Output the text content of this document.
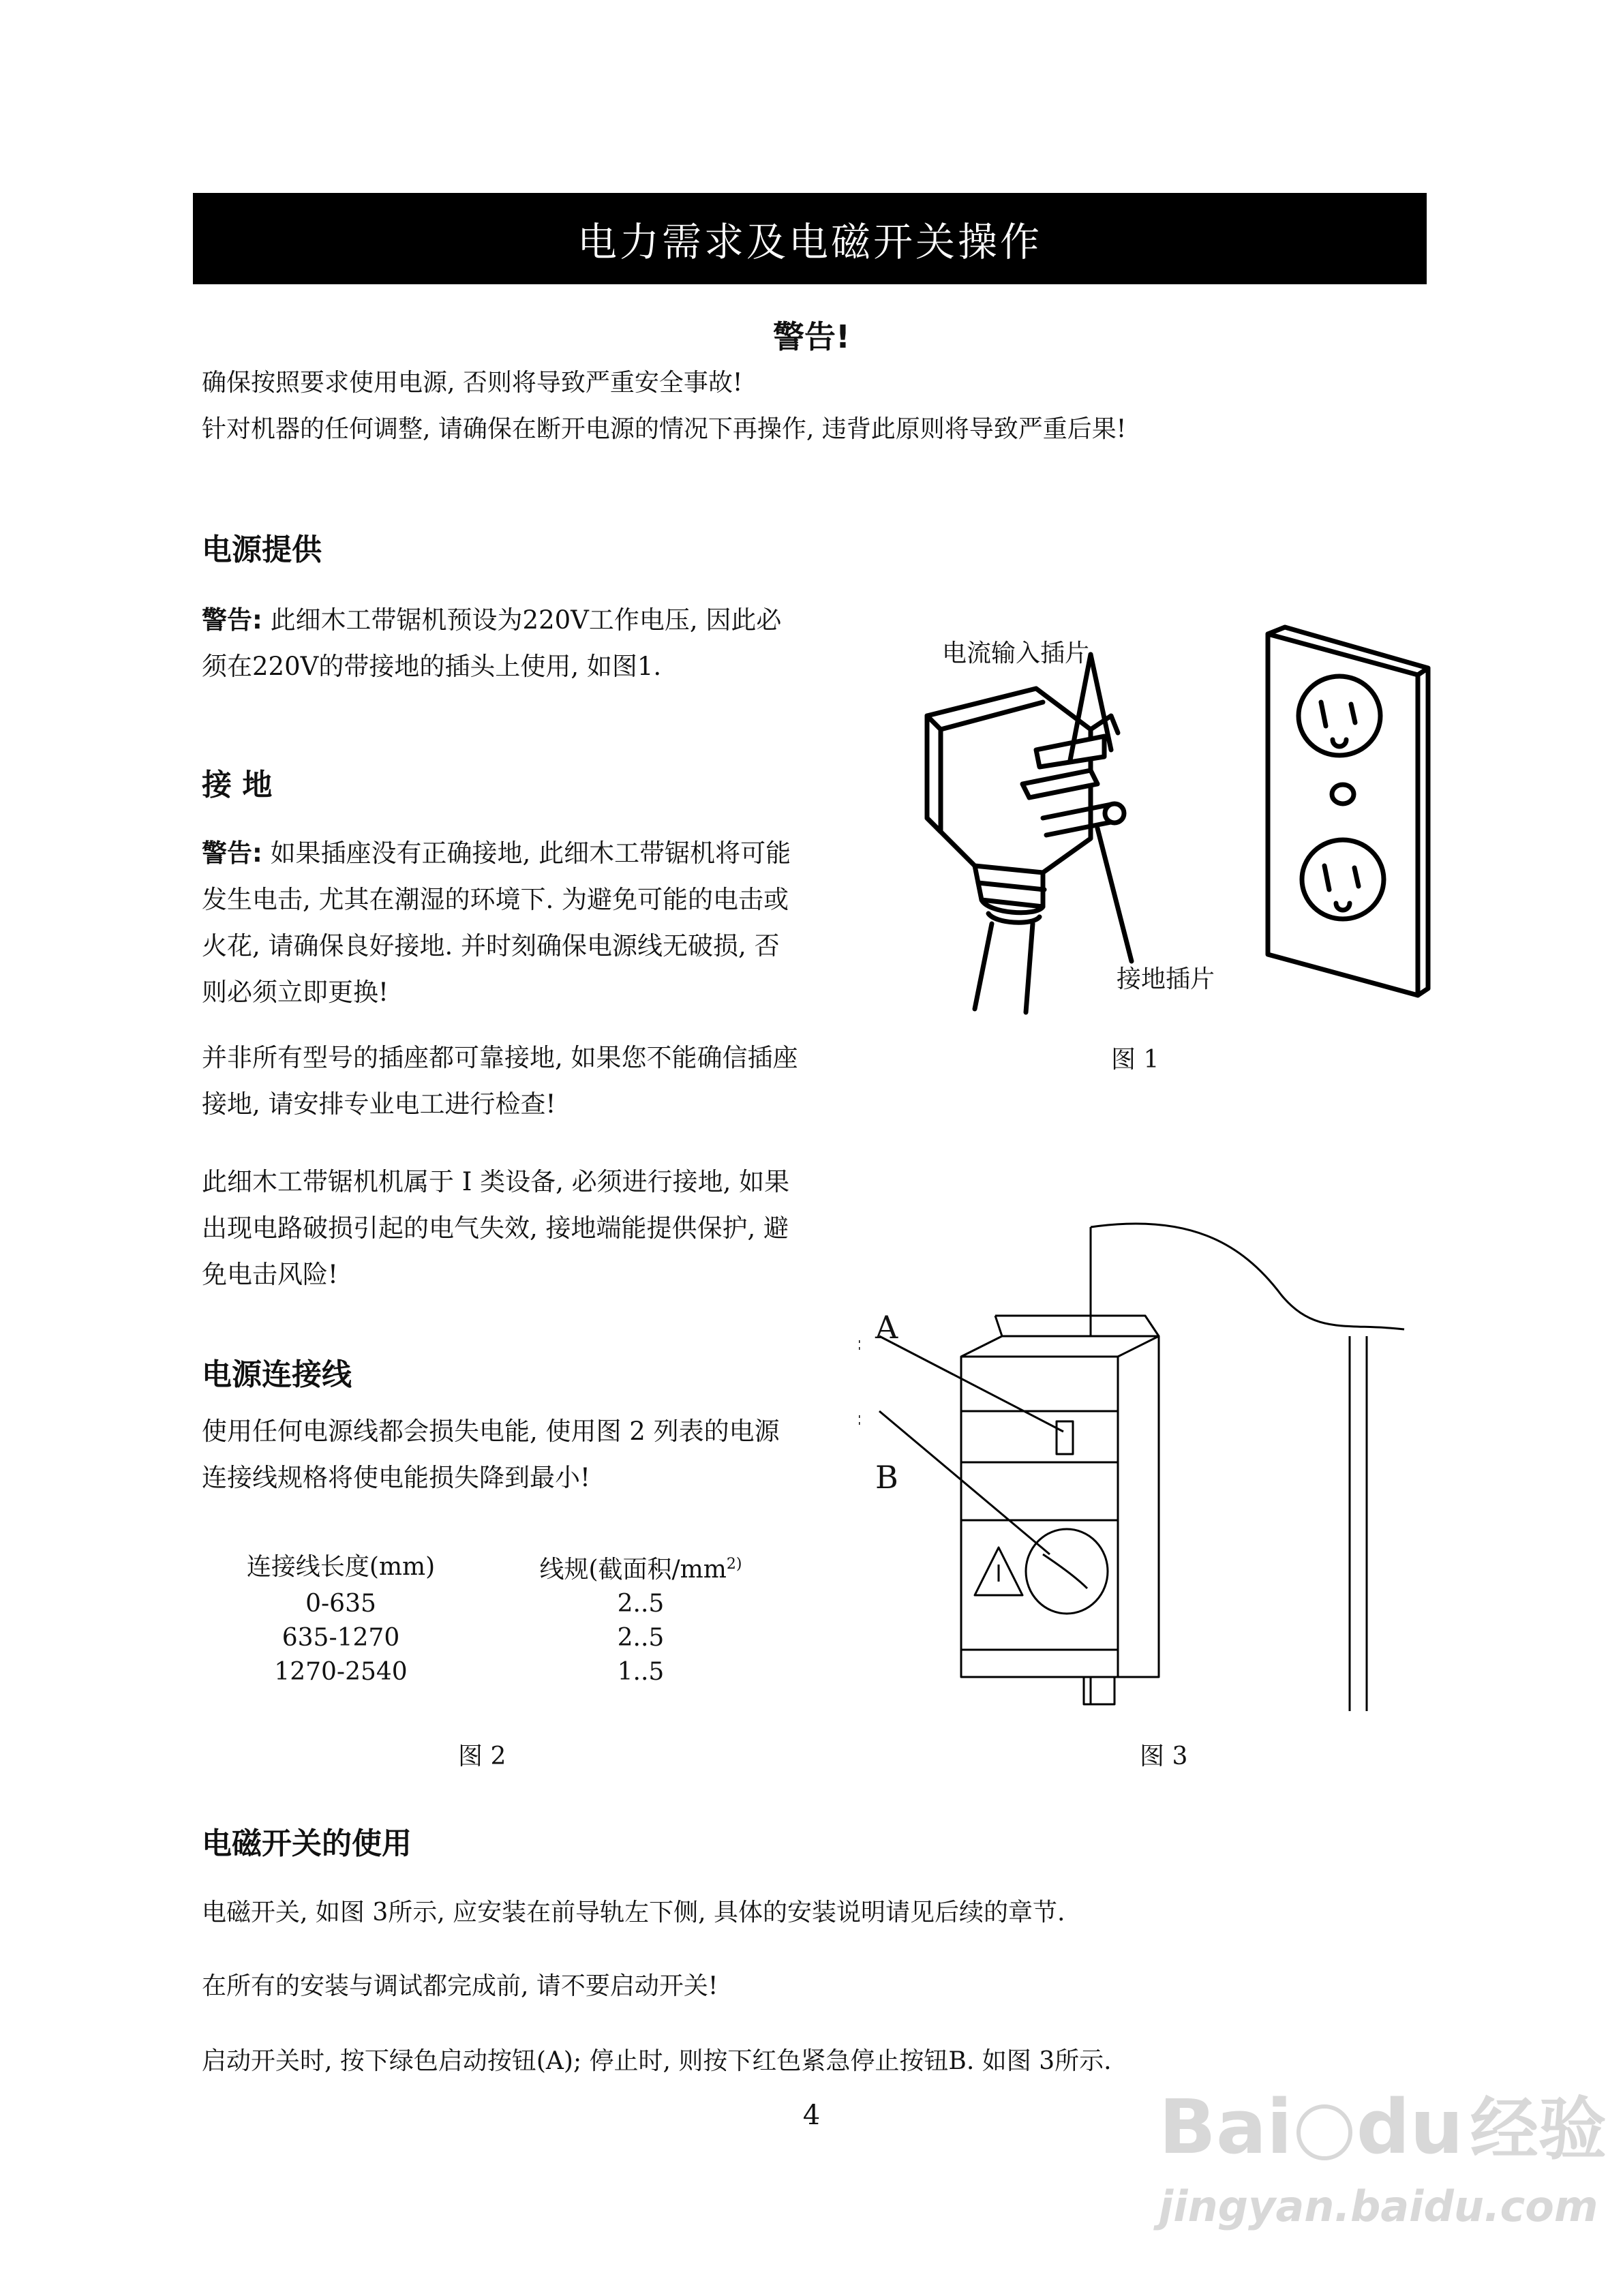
电力需求及电磁开关操作
警告!
确保按照要求使用电源, 否则将导致严重安全事故!
针对机器的任何调整, 请确保在断开电源的情况下再操作, 违背此原则将导致严重后果!
电源提供
警告: 此细木工带锯机预设为220V工作电压, 因此必须在220V的带接地的插头上使用, 如图1.
接 地
警告: 如果插座没有正确接地, 此细木工带锯机将可能发生电击, 尤其在潮湿的环境下. 为避免可能的电击或火花, 请确保良好接地. 并时刻确保电源线无破损, 否则必须立即更换!
并非所有型号的插座都可靠接地, 如果您不能确信插座接地, 请安排专业电工进行检查!
此细木工带锯机机属于 I 类设备, 必须进行接地, 如果出现电路破损引起的电气失效, 接地端能提供保护, 避免电击风险!
电源连接线
使用任何电源线都会损失电能, 使用图 2 列表的电源连接线规格将使电能损失降到最小!
连接线长度(mm)	线规(截面积$/mm^{2)}$
0-635	2..5
635-1270	2..5
1270-2540	1..5
图 2
电流输入插片
接地插片
图 1
A
B
图 3
电磁开关的使用
电磁开关, 如图 3所示, 应安装在前导轨左下侧, 具体的安装说明请见后续的章节.
在所有的安装与调试都完成前, 请不要启动开关!
启动开关时, 按下绿色启动按钮(A); 停止时, 则按下红色紧急停止按钮B. 如图 3所示.
4	Bai du 经验
jingyan.baidu.com
